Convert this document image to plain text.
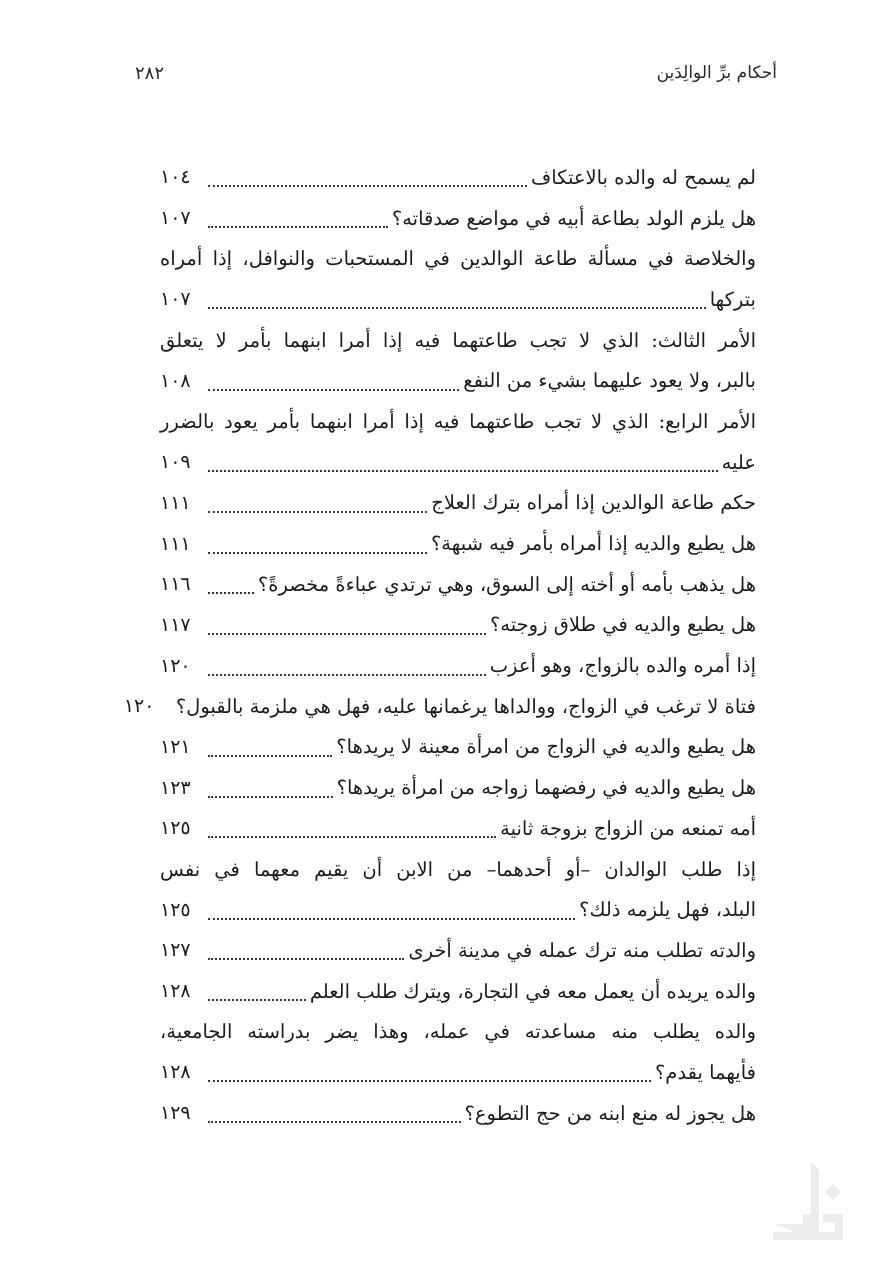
٢٨٢	أحكام برِّ الوالِدَين
لم يسمح له والده بالاعتكاف
١٠٤
هل يلزم الولد بطاعة أبيه في مواضع صدقاته؟
١٠٧
والخلاصة في مسألة طاعة الوالدين في المستحبات والنوافل، إذا أمراه
بتركها
١٠٧
الأمر الثالث: الذي لا تجب طاعتهما فيه إذا أمرا ابنهما بأمر لا يتعلق
بالبر، ولا يعود عليهما بشيء من النفع
١٠٨
الأمر الرابع: الذي لا تجب طاعتهما فيه إذا أمرا ابنهما بأمر يعود بالضرر
عليه
١٠٩
حكم طاعة الوالدين إذا أمراه بترك العلاج
١١١
هل يطيع والديه إذا أمراه بأمر فيه شبهة؟
١١١
هل يذهب بأمه أو أخته إلى السوق، وهي ترتدي عباءةً مخصرةً؟
١١٦
هل يطيع والديه في طلاق زوجته؟
١١٧
إذا أمره والده بالزواج، وهو أعزب
١٢٠
فتاة لا ترغب في الزواج، ووالداها يرغمانها عليه، فهل هي ملزمة بالقبول؟
١٢٠
هل يطيع والديه في الزواج من امرأة معينة لا يريدها؟
١٢١
هل يطيع والديه في رفضهما زواجه من امرأة يريدها؟
١٢٣
أمه تمنعه من الزواج بزوجة ثانية
١٢٥
إذا طلب الوالدان –أو أحدهما– من الابن أن يقيم معهما في نفس
البلد، فهل يلزمه ذلك؟
١٢٥
والدته تطلب منه ترك عمله في مدينة أخرى
١٢٧
والده يريده أن يعمل معه في التجارة، ويترك طلب العلم
١٢٨
والده يطلب منه مساعدته في عمله، وهذا يضر بدراسته الجامعية،
فأيهما يقدم؟
١٢٨
هل يجوز له منع ابنه من حج التطوع؟
١٢٩
